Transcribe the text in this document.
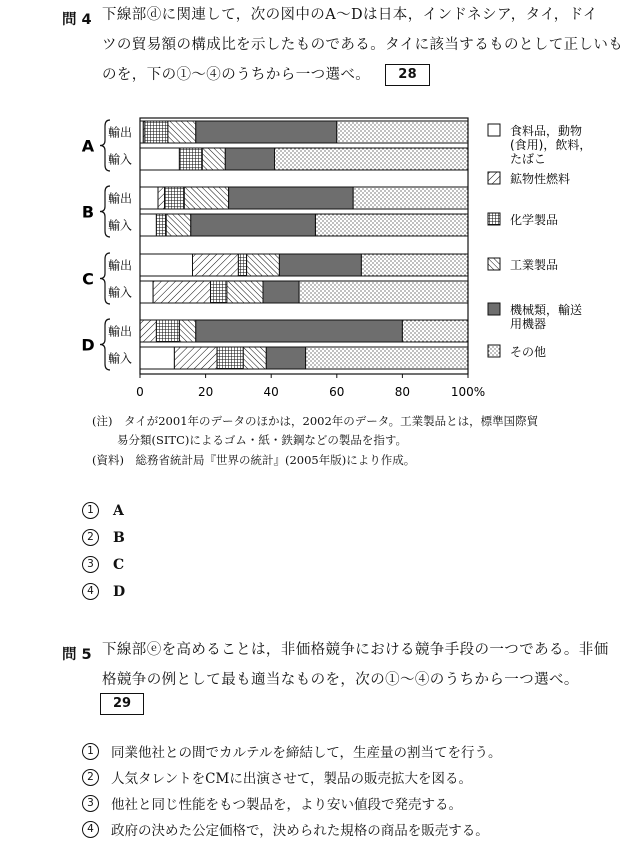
問 4 下線部ⓓに関連して，次の図中のA～Dは日本，インドネシア，タイ，ドイ
ツの貿易額の構成比を示したものである。タイに該当するものとして正しいも
のを，下の①～④のうちから一つ選べ。 28
0	20	40	60	80	100%
輸出
輸入
輸出
輸入
輸出
輸入
輸出
輸入
A
B
C
D
食料品，動物(食用)，飲料，たばこ
鉱物性燃料
化学製品
工業製品
機械類，輸送用機器
その他
(注)　タイが2001年のデータのほかは，2002年のデータ。工業製品とは，標準国際貿
易分類(SITC)によるゴム・紙・鉄鋼などの製品を指す。
(資料)　総務省統計局『世界の統計』(2005年版)により作成。
1	A
2	B
3	C
4	D
問 5 下線部ⓔを高めることは，非価格競争における競争手段の一つである。非価
格競争の例として最も適当なものを，次の①～④のうちから一つ選べ。
29
1	同業他社との間でカルテルを締結して，生産量の割当てを行う。
2	人気タレントをCMに出演させて，製品の販売拡大を図る。
3	他社と同じ性能をもつ製品を，より安い値段で発売する。
4	政府の決めた公定価格で，決められた規格の商品を販売する。
